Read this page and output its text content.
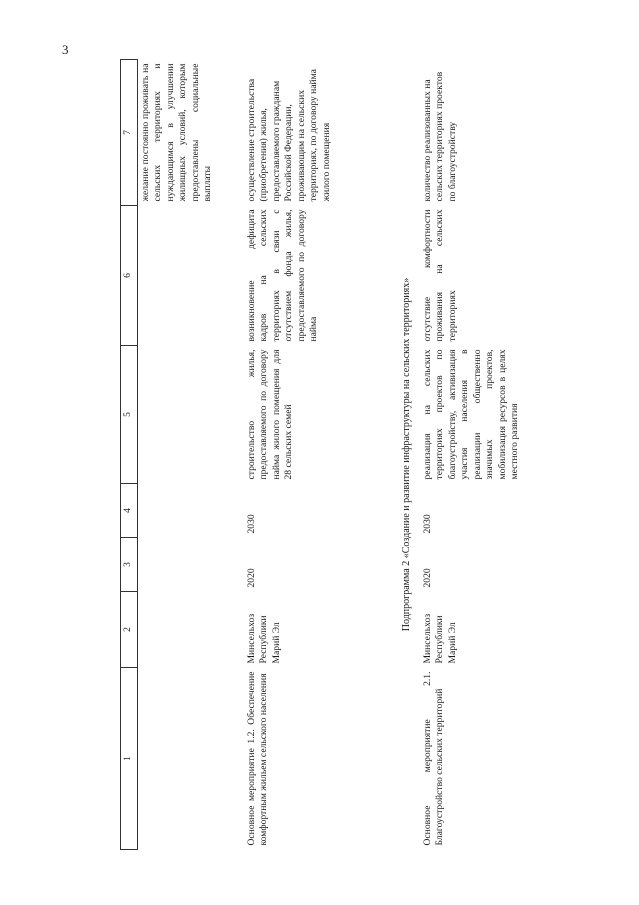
3
1	2	3	4	5	6	7
						желание постоянно проживать на сельских территориях и нуждающимся в улучшении жилищных условий, которым предоставлены социальные выплаты
Основное мероприятие 1.2. Обеспечение комфортным жильем сельского населения	Минсельхоз Республики Марий Эл	2020	2030	строительство жилья, предоставляемого по договору найма жилого помещения для 28 сельских семей	возникновение дефицита кадров на сельских территориях в связи с отсутствием фонда жилья, предоставляемого по договору найма	осуществление строительства (приобретения) жилья, предоставляемого гражданам Российской Федерации, проживающим на сельских территориях, по договору найма жилого помещения
Подпрограмма 2 «Создание и развитие инфраструктуры на сельских территориях»						
Основное мероприятие 2.1. Благоустройство сельских территорий	Минсельхоз Республики Марий Эл	2020	2030	реализация на сельских территориях проектов по благоустройству, активизация участия населения в реализации общественно значимых проектов, мобилизация ресурсов в целях местного развития	отсутствие комфортности проживания на сельских территориях	количество реализованных на сельских территориях проектов по благоустройству
